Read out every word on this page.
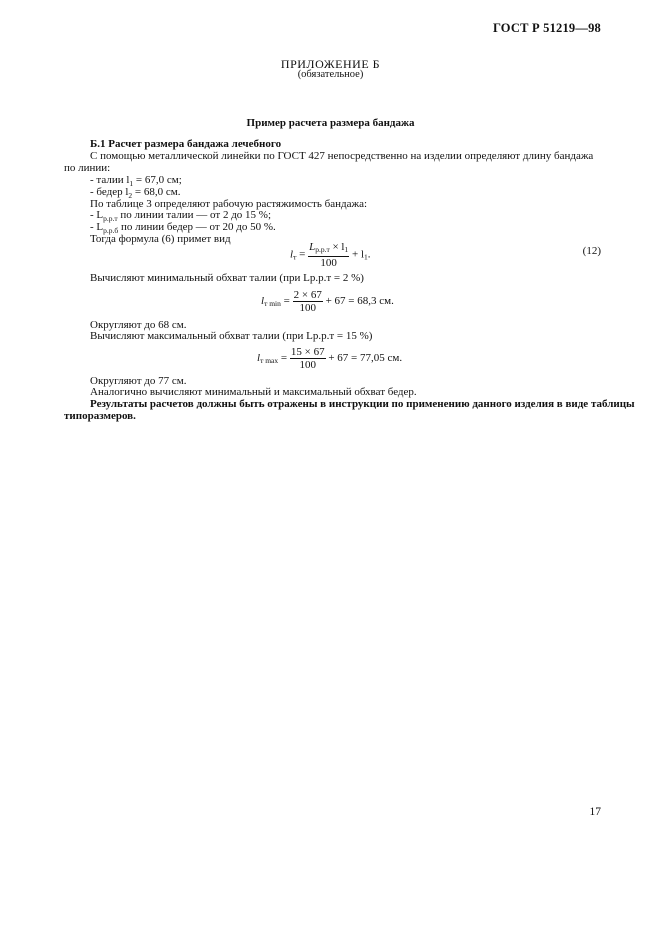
ГОСТ Р 51219—98
ПРИЛОЖЕНИЕ Б
(обязательное)
Пример расчета размера бандажа
Б.1 Расчет размера бандажа лечебного
С помощью металлической линейки по ГОСТ 427 непосредственно на изделии определяют длину бандажа
по линии:
- талии $l_1 = 67,0$ см;
- бедер $l_2 = 68,0$ см.
По таблице 3 определяют рабочую растяжимость бандажа:
- $L_{р.р.т}$ по линии талии — от 2 до 15 %;
- $L_{р.р.б}$ по линии бедер — от 20 до 50 %.
Тогда формула (6) примет вид
$l_т = \frac{L_{р.р.т} \times l_1}{100} + l_1$.	(12)
Вычисляют минимальный обхват талии (при Lр.р.т = 2 %)
$l_{т min} = \frac{2 \times 67}{100} + 67 = 68,3$ см.
Округляют до 68 см.
Вычисляют максимальный обхват талии (при Lр.р.т = 15 %)
$l_{т max} = \frac{15 \times 67}{100} + 67 = 77,05$ см.
Округляют до 77 см.
Аналогично вычисляют минимальный и максимальный обхват бедер.
Результаты расчетов должны быть отражены в инструкции по применению данного изделия в виде таблицы
типоразмеров.
17
